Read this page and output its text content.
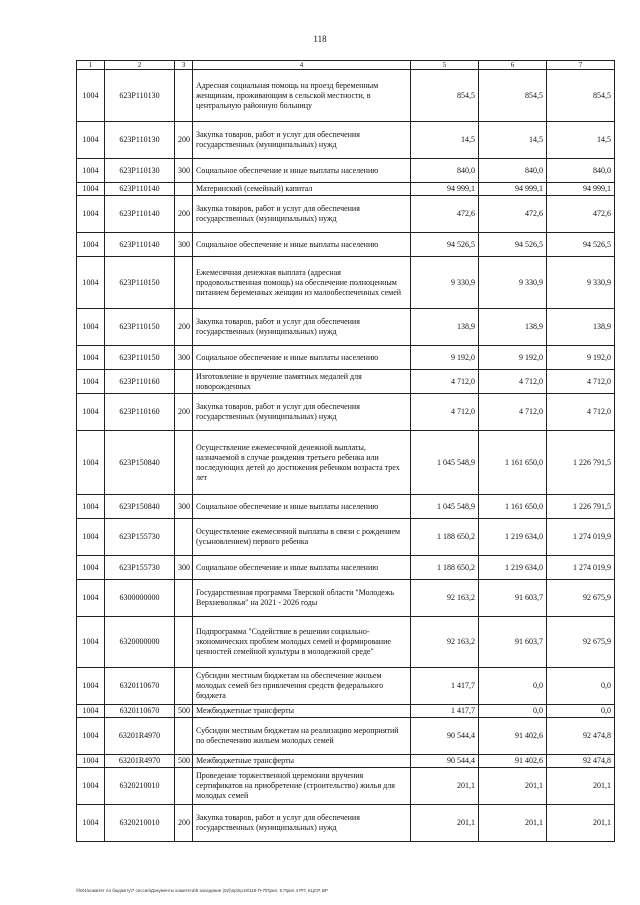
118
1	2	3	4	5	6	7
1004	623P110130		Адресная социальная помощь на проезд беременным женщинам, проживающим в сельской местности, в центральную районную больницу	854,5	854,5	854,5
1004	623P110130	200	Закупка товаров, работ и услуг для обеспечения государственных (муниципальных) нужд	14,5	14,5	14,5
1004	623P110130	300	Социальное обеспечение и иные выплаты населению	840,0	840,0	840,0
1004	623P110140		Материнский (семейный) капитал	94 999,1	94 999,1	94 999,1
1004	623P110140	200	Закупка товаров, работ и услуг для обеспечения государственных (муниципальных) нужд	472,6	472,6	472,6
1004	623P110140	300	Социальное обеспечение и иные выплаты населению	94 526,5	94 526,5	94 526,5
1004	623P110150		Ежемесячная денежная выплата (адресная продовольственная помощь) на обеспечение полноценным питанием беременных женщин из малообеспеченных семей	9 330,9	9 330,9	9 330,9
1004	623P110150	200	Закупка товаров, работ и услуг для обеспечения государственных (муниципальных) нужд	138,9	138,9	138,9
1004	623P110150	300	Социальное обеспечение и иные выплаты населению	9 192,0	9 192,0	9 192,0
1004	623P110160		Изготовление и вручение памятных медалей для новорожденных	4 712,0	4 712,0	4 712,0
1004	623P110160	200	Закупка товаров, работ и услуг для обеспечения государственных (муниципальных) нужд	4 712,0	4 712,0	4 712,0
1004	623P150840		Осуществление ежемесячной денежной выплаты, назначаемой в случае рождения третьего ребенка или последующих детей до достижения ребенком возраста трех лет	1 045 548,9	1 161 650,0	1 226 791,5
1004	623P150840	300	Социальное обеспечение и иные выплаты населению	1 045 548,9	1 161 650,0	1 226 791,5
1004	623P155730		Осуществление ежемесячной выплаты в связи с рождением (усыновлением) первого ребенка	1 188 650,2	1 219 634,0	1 274 019,9
1004	623P155730	300	Социальное обеспечение и иные выплаты населению	1 188 650,2	1 219 634,0	1 274 019,9
1004	6300000000		Государственная программа Тверской области "Молодежь Верхневолжья" на 2021 - 2026 годы	92 163,2	91 603,7	92 675,9
1004	6320000000		Подпрограмма "Содействие в решении социально-экономических проблем молодых семей и формирование ценностей семейной культуры в молодежной среде"	92 163,2	91 603,7	92 675,9
1004	6320110670		Субсидии местным бюджетам на обеспечение жильем молодых семей без привлечения средств федерального бюджета	1 417,7	0,0	0,0
1004	6320110670	500	Межбюджетные трансферты	1 417,7	0,0	0,0
1004	63201R4970		Субсидии местным бюджетам на реализацию мероприятий по обеспечению жильем молодых семей	90 544,4	91 402,6	92 474,8
1004	63201R4970	500	Межбюджетные трансферты	90 544,4	91 402,6	92 474,8
1004	6320210010		Проведение торжественной церемонии вручения сертификатов на приобретение (строительство) жилья для молодых семей	201,1	201,1	201,1
1004	6320210010	200	Закупка товаров, работ и услуг для обеспечения государственных (муниципальных) нужд	201,1	201,1	201,1
\\fs01\комитет по бюджету\7 сессия\Документы комитета\8 заседание (02)\пр\пр18\118-П-7\Прил. 5 Прил 4 РП, КЦСР, ВР
